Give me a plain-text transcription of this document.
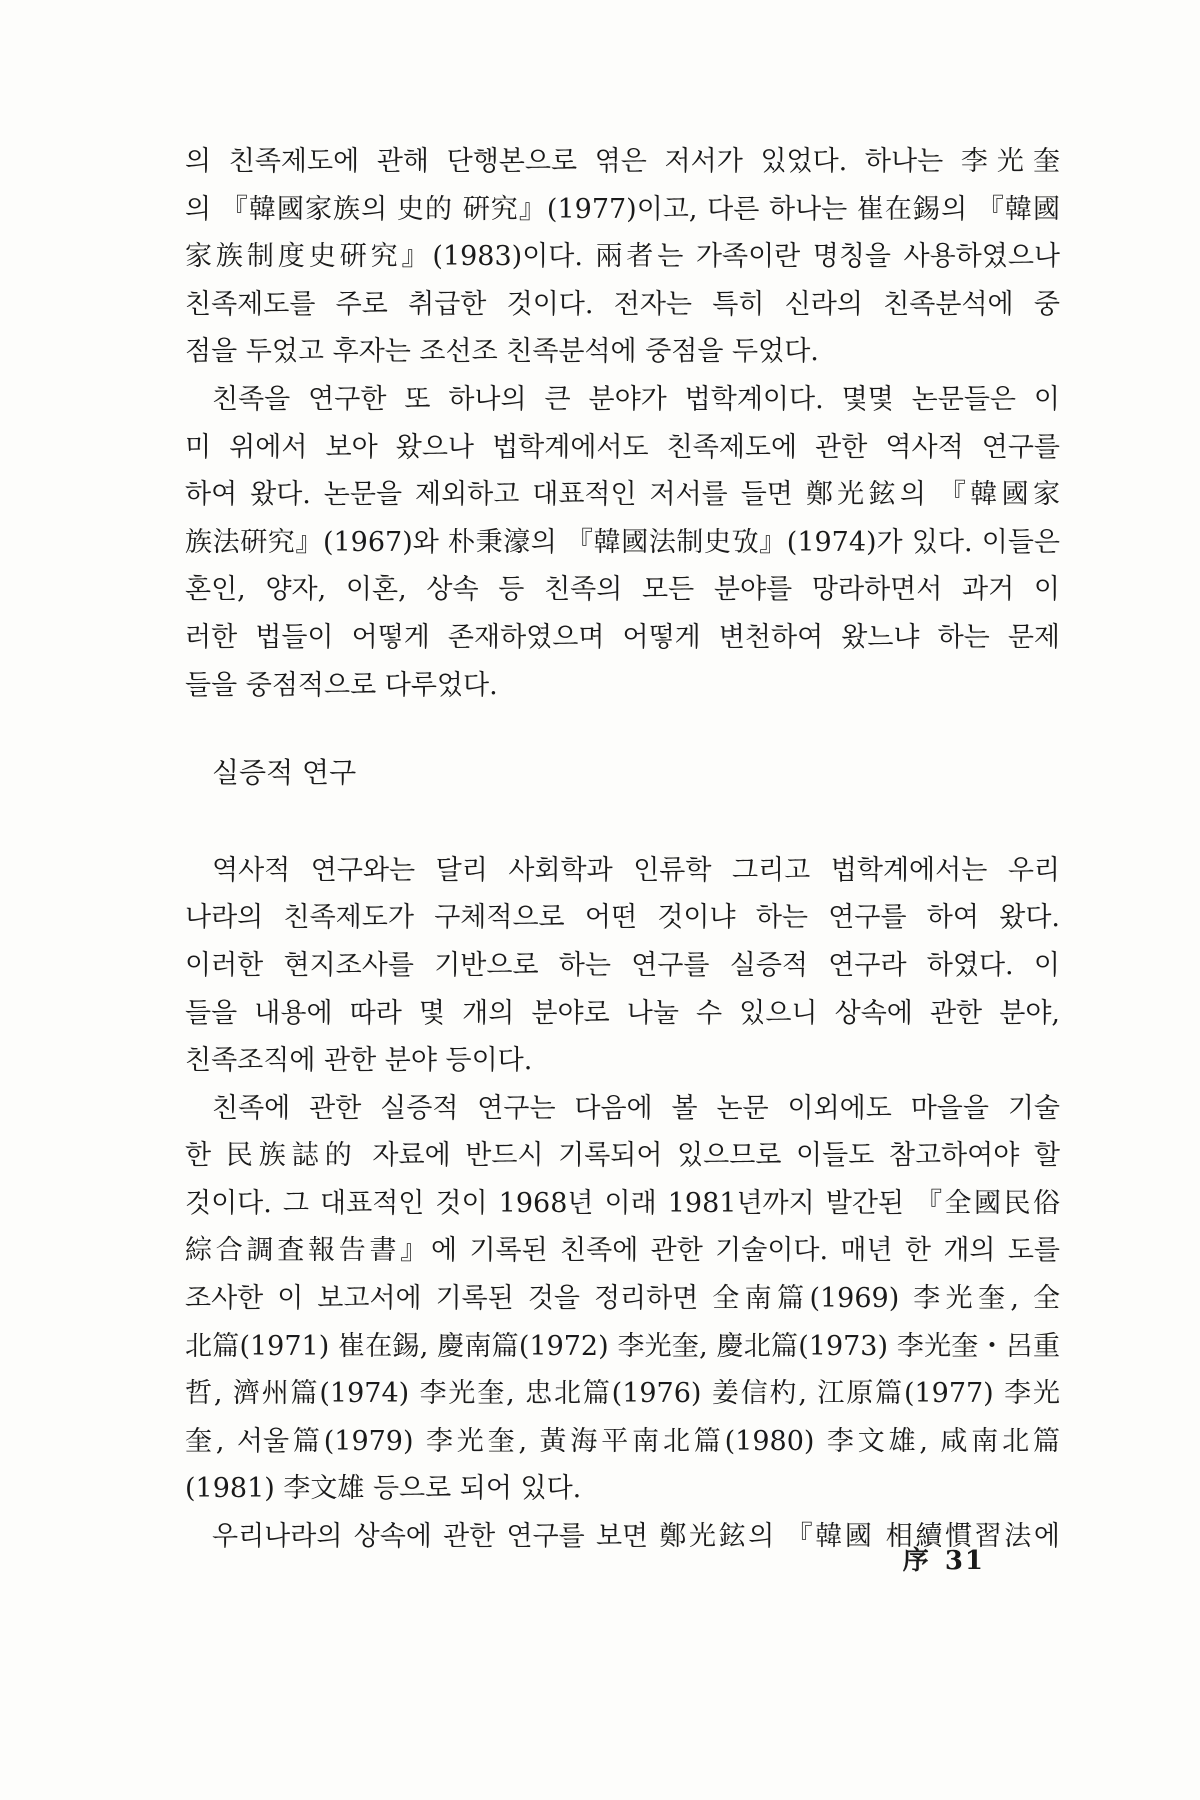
의 친족제도에 관해 단행본으로 엮은 저서가 있었다. 하나는 李光奎

의 『韓國家族의 史的 硏究』(1977)이고, 다른 하나는 崔在錫의 『韓國

家族制度史硏究』(1983)이다. 兩者는 가족이란 명칭을 사용하였으나

친족제도를 주로 취급한 것이다. 전자는 특히 신라의 친족분석에 중

점을 두었고 후자는 조선조 친족분석에 중점을 두었다.

친족을 연구한 또 하나의 큰 분야가 법학계이다. 몇몇 논문들은 이

미 위에서 보아 왔으나 법학계에서도 친족제도에 관한 역사적 연구를

하여 왔다. 논문을 제외하고 대표적인 저서를 들면 鄭光鉉의 『韓國家

族法硏究』(1967)와 朴秉濠의 『韓國法制史攷』(1974)가 있다. 이들은

혼인, 양자, 이혼, 상속 등 친족의 모든 분야를 망라하면서 과거 이

러한 법들이 어떻게 존재하였으며 어떻게 변천하여 왔느냐 하는 문제

들을 중점적으로 다루었다.

실증적 연구

역사적 연구와는 달리 사회학과 인류학 그리고 법학계에서는 우리

나라의 친족제도가 구체적으로 어떤 것이냐 하는 연구를 하여 왔다.

이러한 현지조사를 기반으로 하는 연구를 실증적 연구라 하였다. 이

들을 내용에 따라 몇 개의 분야로 나눌 수 있으니 상속에 관한 분야,

친족조직에 관한 분야 등이다.

친족에 관한 실증적 연구는 다음에 볼 논문 이외에도 마을을 기술

한 民族誌的 자료에 반드시 기록되어 있으므로 이들도 참고하여야 할

것이다. 그 대표적인 것이 1968년 이래 1981년까지 발간된 『全國民俗

綜合調査報告書』에 기록된 친족에 관한 기술이다. 매년 한 개의 도를

조사한 이 보고서에 기록된 것을 정리하면 全南篇(1969) 李光奎, 全

北篇(1971) 崔在錫, 慶南篇(1972) 李光奎, 慶北篇(1973) 李光奎・呂重

哲, 濟州篇(1974) 李光奎, 忠北篇(1976) 姜信杓, 江原篇(1977) 李光

奎, 서울篇(1979) 李光奎, 黃海平南北篇(1980) 李文雄, 咸南北篇

(1981) 李文雄 등으로 되어 있다.

우리나라의 상속에 관한 연구를 보면 鄭光鉉의 『韓國 相續慣習法에

序 31
